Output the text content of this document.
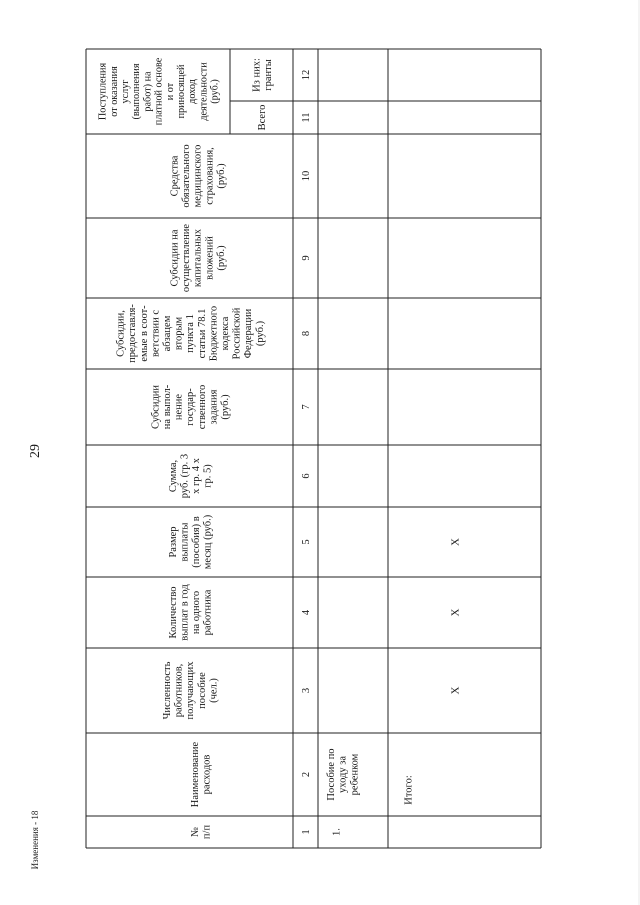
29
Изменения - 18	№п/п
Наименованиерасходов
Численностьработников,получающихпособие(чел.)
Количествовыплат в годна одногоработника
Размервыплаты(пособия) вмесяц (руб.)
Сумма,руб. (гр. 3х гр. 4 хгр. 5)
Субсидиина выпол-нениегосудар-ственногозадания(руб.)
Субсидии,предоставля-емые в соот-ветствии сабзацемвторымпункта 1статьи 78.1БюджетногокодексаРоссийскойФедерации(руб.)
Субсидии наосуществлениекапитальныхвложений(руб.)
Средстваобязательногомедицинскогострахования,(руб.)
Поступленияот оказанияуслуг(выполненияработ) наплатной основеи отприносящейдоходдеятельности(руб.)
Всего
Из них:гранты
1
2
3
4
5
6
7
8
9
10
11
12
1.
Пособие поуходу заребенком	Итого:
X
X
X
